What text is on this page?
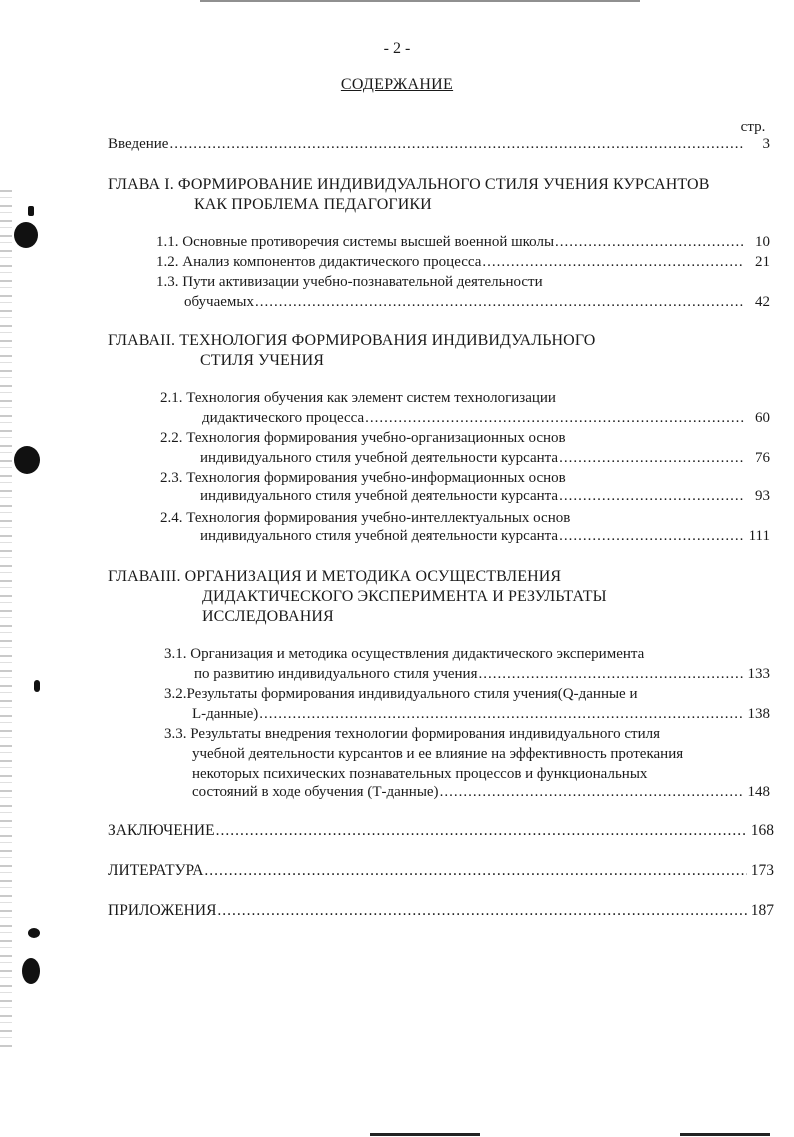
- 2 -
СОДЕРЖАНИЕ
стр.
Введение .....	3
ГЛАВА I. ФОРМИРОВАНИЕ ИНДИВИДУАЛЬНОГО СТИЛЯ УЧЕНИЯ КУРСАНТОВ
КАК ПРОБЛЕМА ПЕДАГОГИКИ
1.1. Основные противоречия системы высшей военной школы .....	10
1.2. Анализ компонентов дидактического процесса .....	21
1.3. Пути активизации учебно-познавательной деятельности
обучаемых .....	42
ГЛАВАII. ТЕХНОЛОГИЯ ФОРМИРОВАНИЯ ИНДИВИДУАЛЬНОГО
СТИЛЯ УЧЕНИЯ
2.1. Технология обучения как элемент систем технологизации
дидактического процесса .....	60
2.2. Технология формирования учебно-организационных основ
индивидуального стиля учебной деятельности курсанта .....	76
2.3. Технология формирования учебно-информационных основ
индивидуального стиля учебной деятельности курсанта .....	93
2.4. Технология формирования учебно-интеллектуальных основ
индивидуального стиля учебной деятельности курсанта .....	111
ГЛАВАIII. ОРГАНИЗАЦИЯ И МЕТОДИКА ОСУЩЕСТВЛЕНИЯ
ДИДАКТИЧЕСКОГО ЭКСПЕРИМЕНТА И РЕЗУЛЬТАТЫ
ИССЛЕДОВАНИЯ
3.1. Организация и методика осуществления дидактического эксперимента
по развитию индивидуального стиля учения .....	133
3.2.Результаты формирования индивидуального стиля учения(Q-данные и
L-данные) .....	138
3.3. Результаты внедрения технологии формирования индивидуального стиля
учебной деятельности курсантов и ее влияние на эффективность протекания
некоторых психических познавательных процессов и функциональных
состояний в ходе обучения (Т-данные) .....	148
ЗАКЛЮЧЕНИЕ .....	168
ЛИТЕРАТУРА .....	173
ПРИЛОЖЕНИЯ .....	187
